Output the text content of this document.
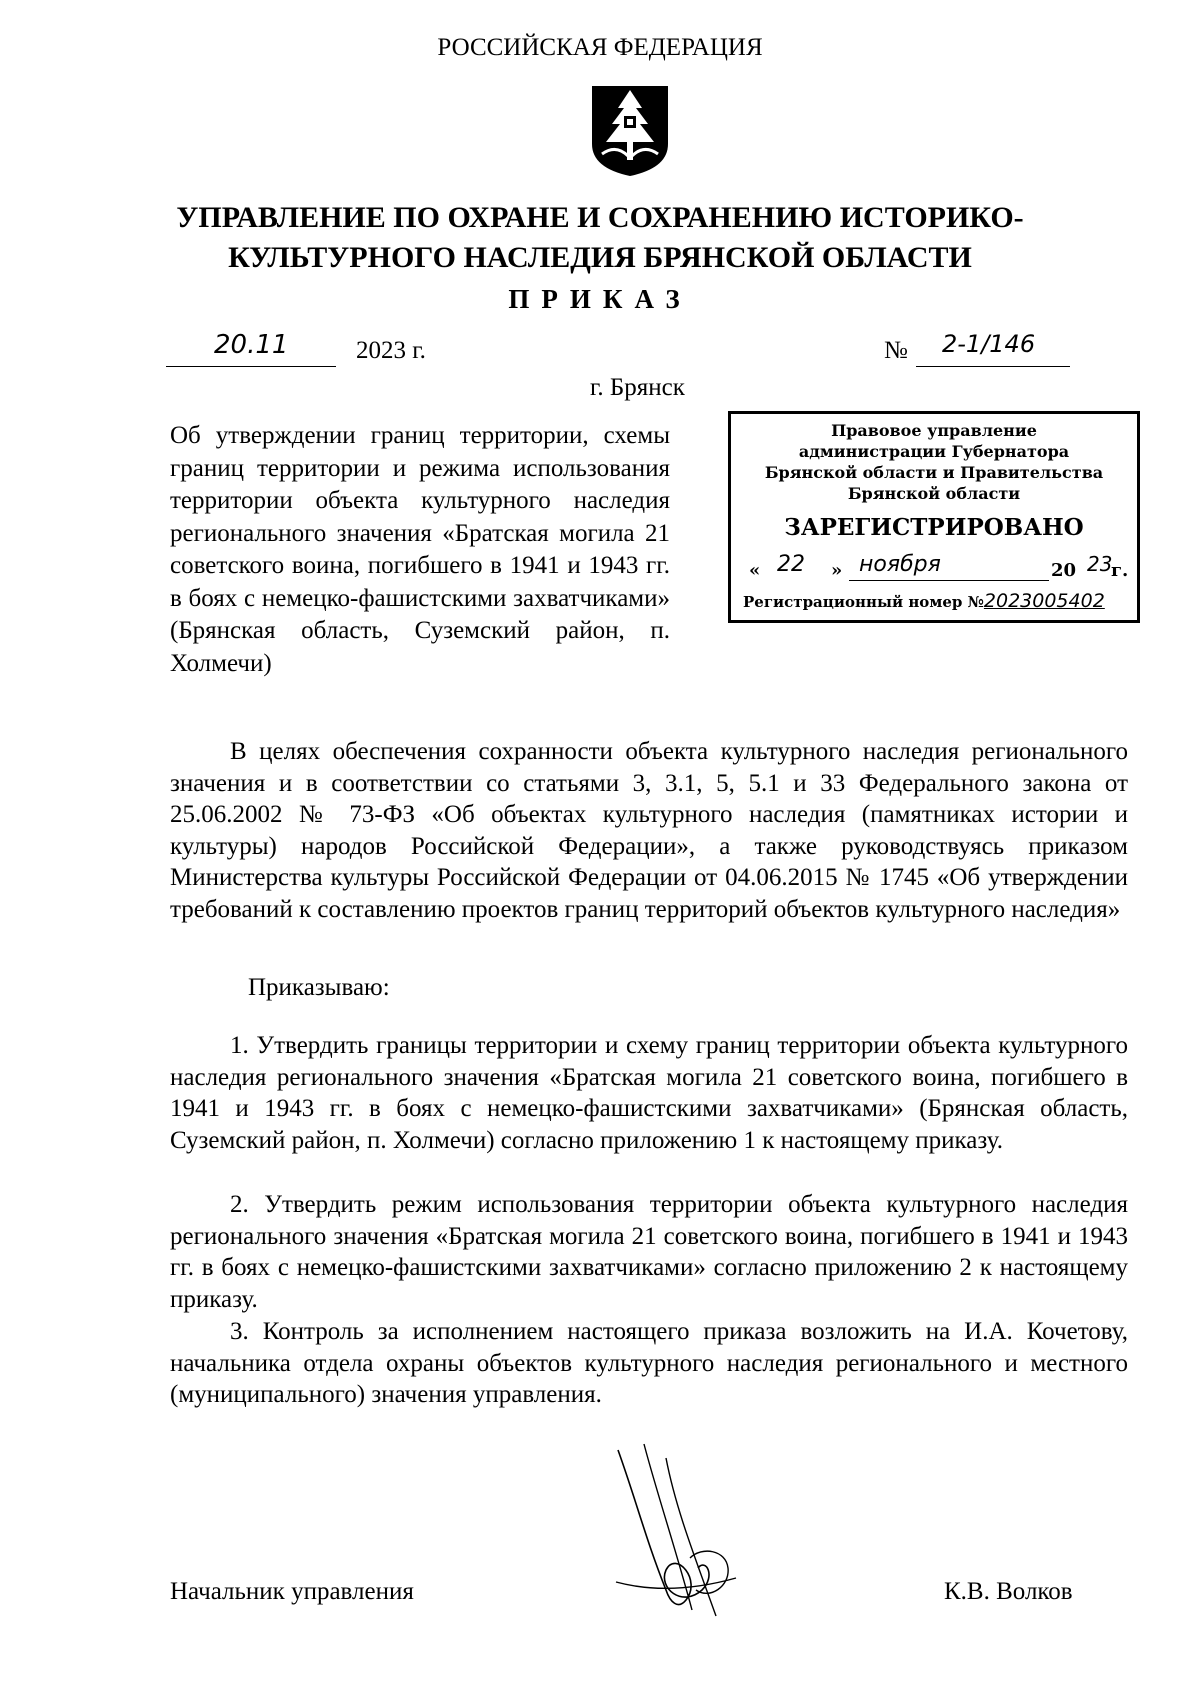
РОССИЙСКАЯ ФЕДЕРАЦИЯ
УПРАВЛЕНИЕ ПО ОХРАНЕ И СОХРАНЕНИЮ ИСТОРИКО-
КУЛЬТУРНОГО НАСЛЕДИЯ БРЯНСКОЙ ОБЛАСТИ
ПРИКАЗ
20.11	2023 г.	№ 2-1/146
г. Брянск
Об утверждении границ территории, схемы границ территории и режима использования территории объекта культурного наследия регионального значения «Братская могила 21 советского воина, погибшего в 1941 и 1943 гг. в боях с немецко-фашистскими захватчиками» (Брянская область, Суземский район, п. Холмечи)
Правовое управление
администрации Губернатора
Брянской области и Правительства
Брянской области
ЗАРЕГИСТРИРОВАНО
« 22 » ноября	20 23
г.
Регистрационный номер №2023005402
В целях обеспечения сохранности объекта культурного наследия регионального значения и в соответствии со статьями 3, 3.1, 5, 5.1 и 33 Федерального закона от 25.06.2002 № 73-ФЗ «Об объектах культурного наследия (памятниках истории и культуры) народов Российской Федерации», а также руководствуясь приказом Министерства культуры Российской Федерации от 04.06.2015 № 1745 «Об утверждении требований к составлению проектов границ территорий объектов культурного наследия»
Приказываю:
1. Утвердить границы территории и схему границ территории объекта культурного наследия регионального значения «Братская могила 21 советского воина, погибшего в 1941 и 1943 гг. в боях с немецко-фашистскими захватчиками» (Брянская область, Суземский район, п. Холмечи) согласно приложению 1 к настоящему приказу.
2. Утвердить режим использования территории объекта культурного наследия регионального значения «Братская могила 21 советского воина, погибшего в 1941 и 1943 гг. в боях с немецко-фашистскими захватчиками» согласно приложению 2 к настоящему приказу.
3. Контроль за исполнением настоящего приказа возложить на И.А. Кочетову, начальника отдела охраны объектов культурного наследия регионального и местного (муниципального) значения управления.
Начальник управления	К.В. Волков
